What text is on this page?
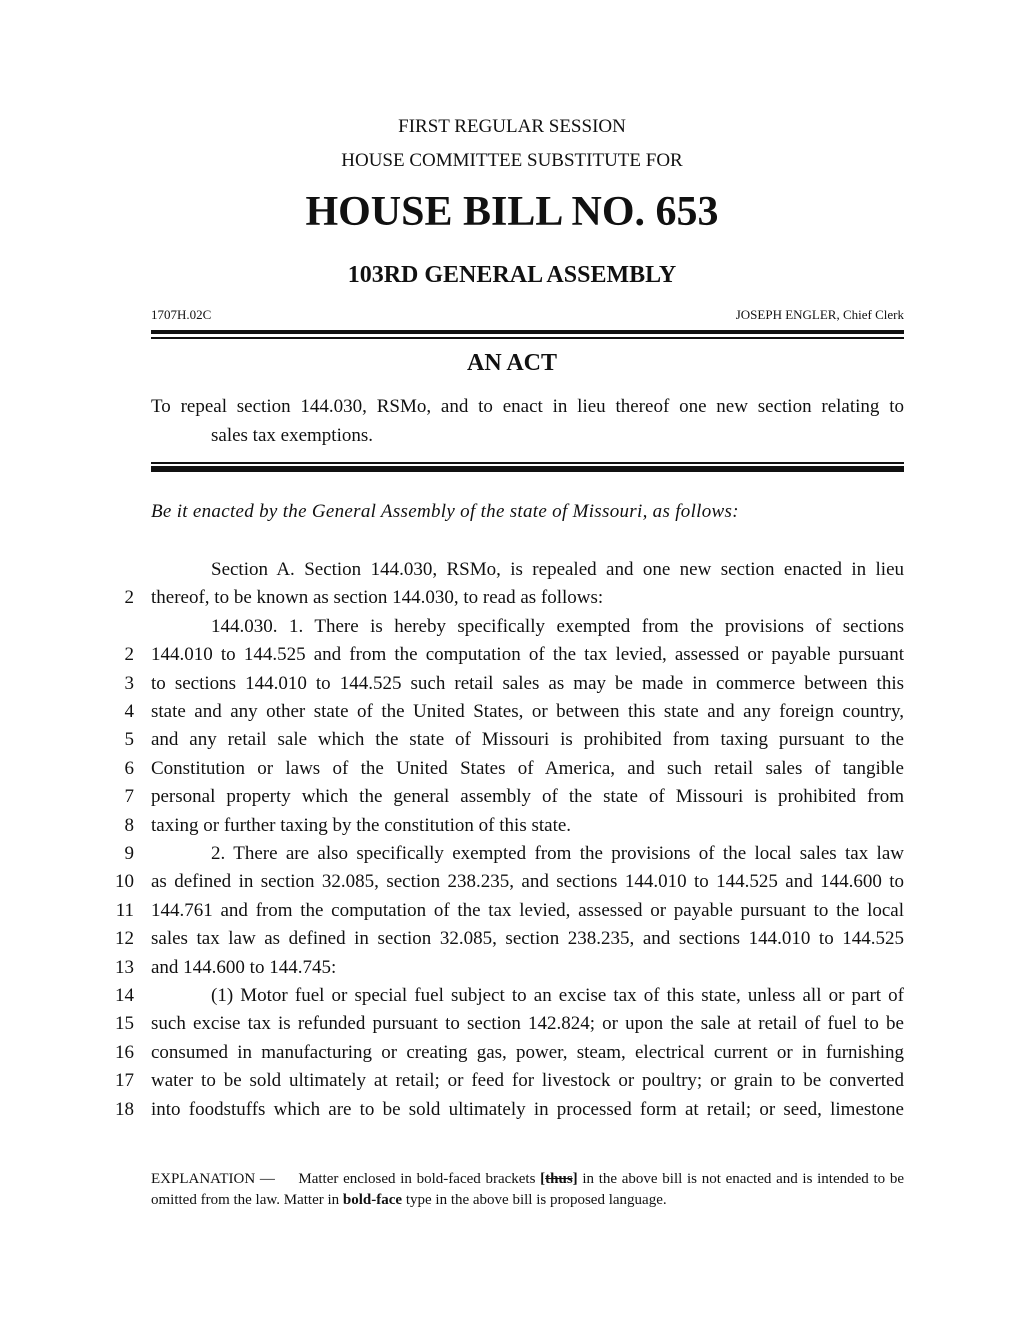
FIRST REGULAR SESSION
HOUSE COMMITTEE SUBSTITUTE FOR
HOUSE BILL NO. 653
103RD GENERAL ASSEMBLY
1707H.02C	JOSEPH ENGLER, Chief Clerk
AN ACT
To repeal section 144.030, RSMo, and to enact in lieu thereof one new section relating to
sales tax exemptions.
Be it enacted by the General Assembly of the state of Missouri, as follows:
Section A. Section 144.030, RSMo, is repealed and one new section enacted in lieu
2 thereof, to be known as section 144.030, to read as follows:
144.030. 1. There is hereby specifically exempted from the provisions of sections
2 144.010 to 144.525 and from the computation of the tax levied, assessed or payable pursuant
3 to sections 144.010 to 144.525 such retail sales as may be made in commerce between this
4 state and any other state of the United States, or between this state and any foreign country,
5 and any retail sale which the state of Missouri is prohibited from taxing pursuant to the
6 Constitution or laws of the United States of America, and such retail sales of tangible
7 personal property which the general assembly of the state of Missouri is prohibited from
8 taxing or further taxing by the constitution of this state.
9	2. There are also specifically exempted from the provisions of the local sales tax law
10 as defined in section 32.085, section 238.235, and sections 144.010 to 144.525 and 144.600 to
11 144.761 and from the computation of the tax levied, assessed or payable pursuant to the local
12 sales tax law as defined in section 32.085, section 238.235, and sections 144.010 to 144.525
13 and 144.600 to 144.745:
14	(1) Motor fuel or special fuel subject to an excise tax of this state, unless all or part of
15 such excise tax is refunded pursuant to section 142.824; or upon the sale at retail of fuel to be
16 consumed in manufacturing or creating gas, power, steam, electrical current or in furnishing
17 water to be sold ultimately at retail; or feed for livestock or poultry; or grain to be converted
18 into foodstuffs which are to be sold ultimately in processed form at retail; or seed, limestone
EXPLANATION — Matter enclosed in bold-faced brackets [thus] in the above bill is not enacted and is intended to be omitted from the law. Matter in bold-face type in the above bill is proposed language.
